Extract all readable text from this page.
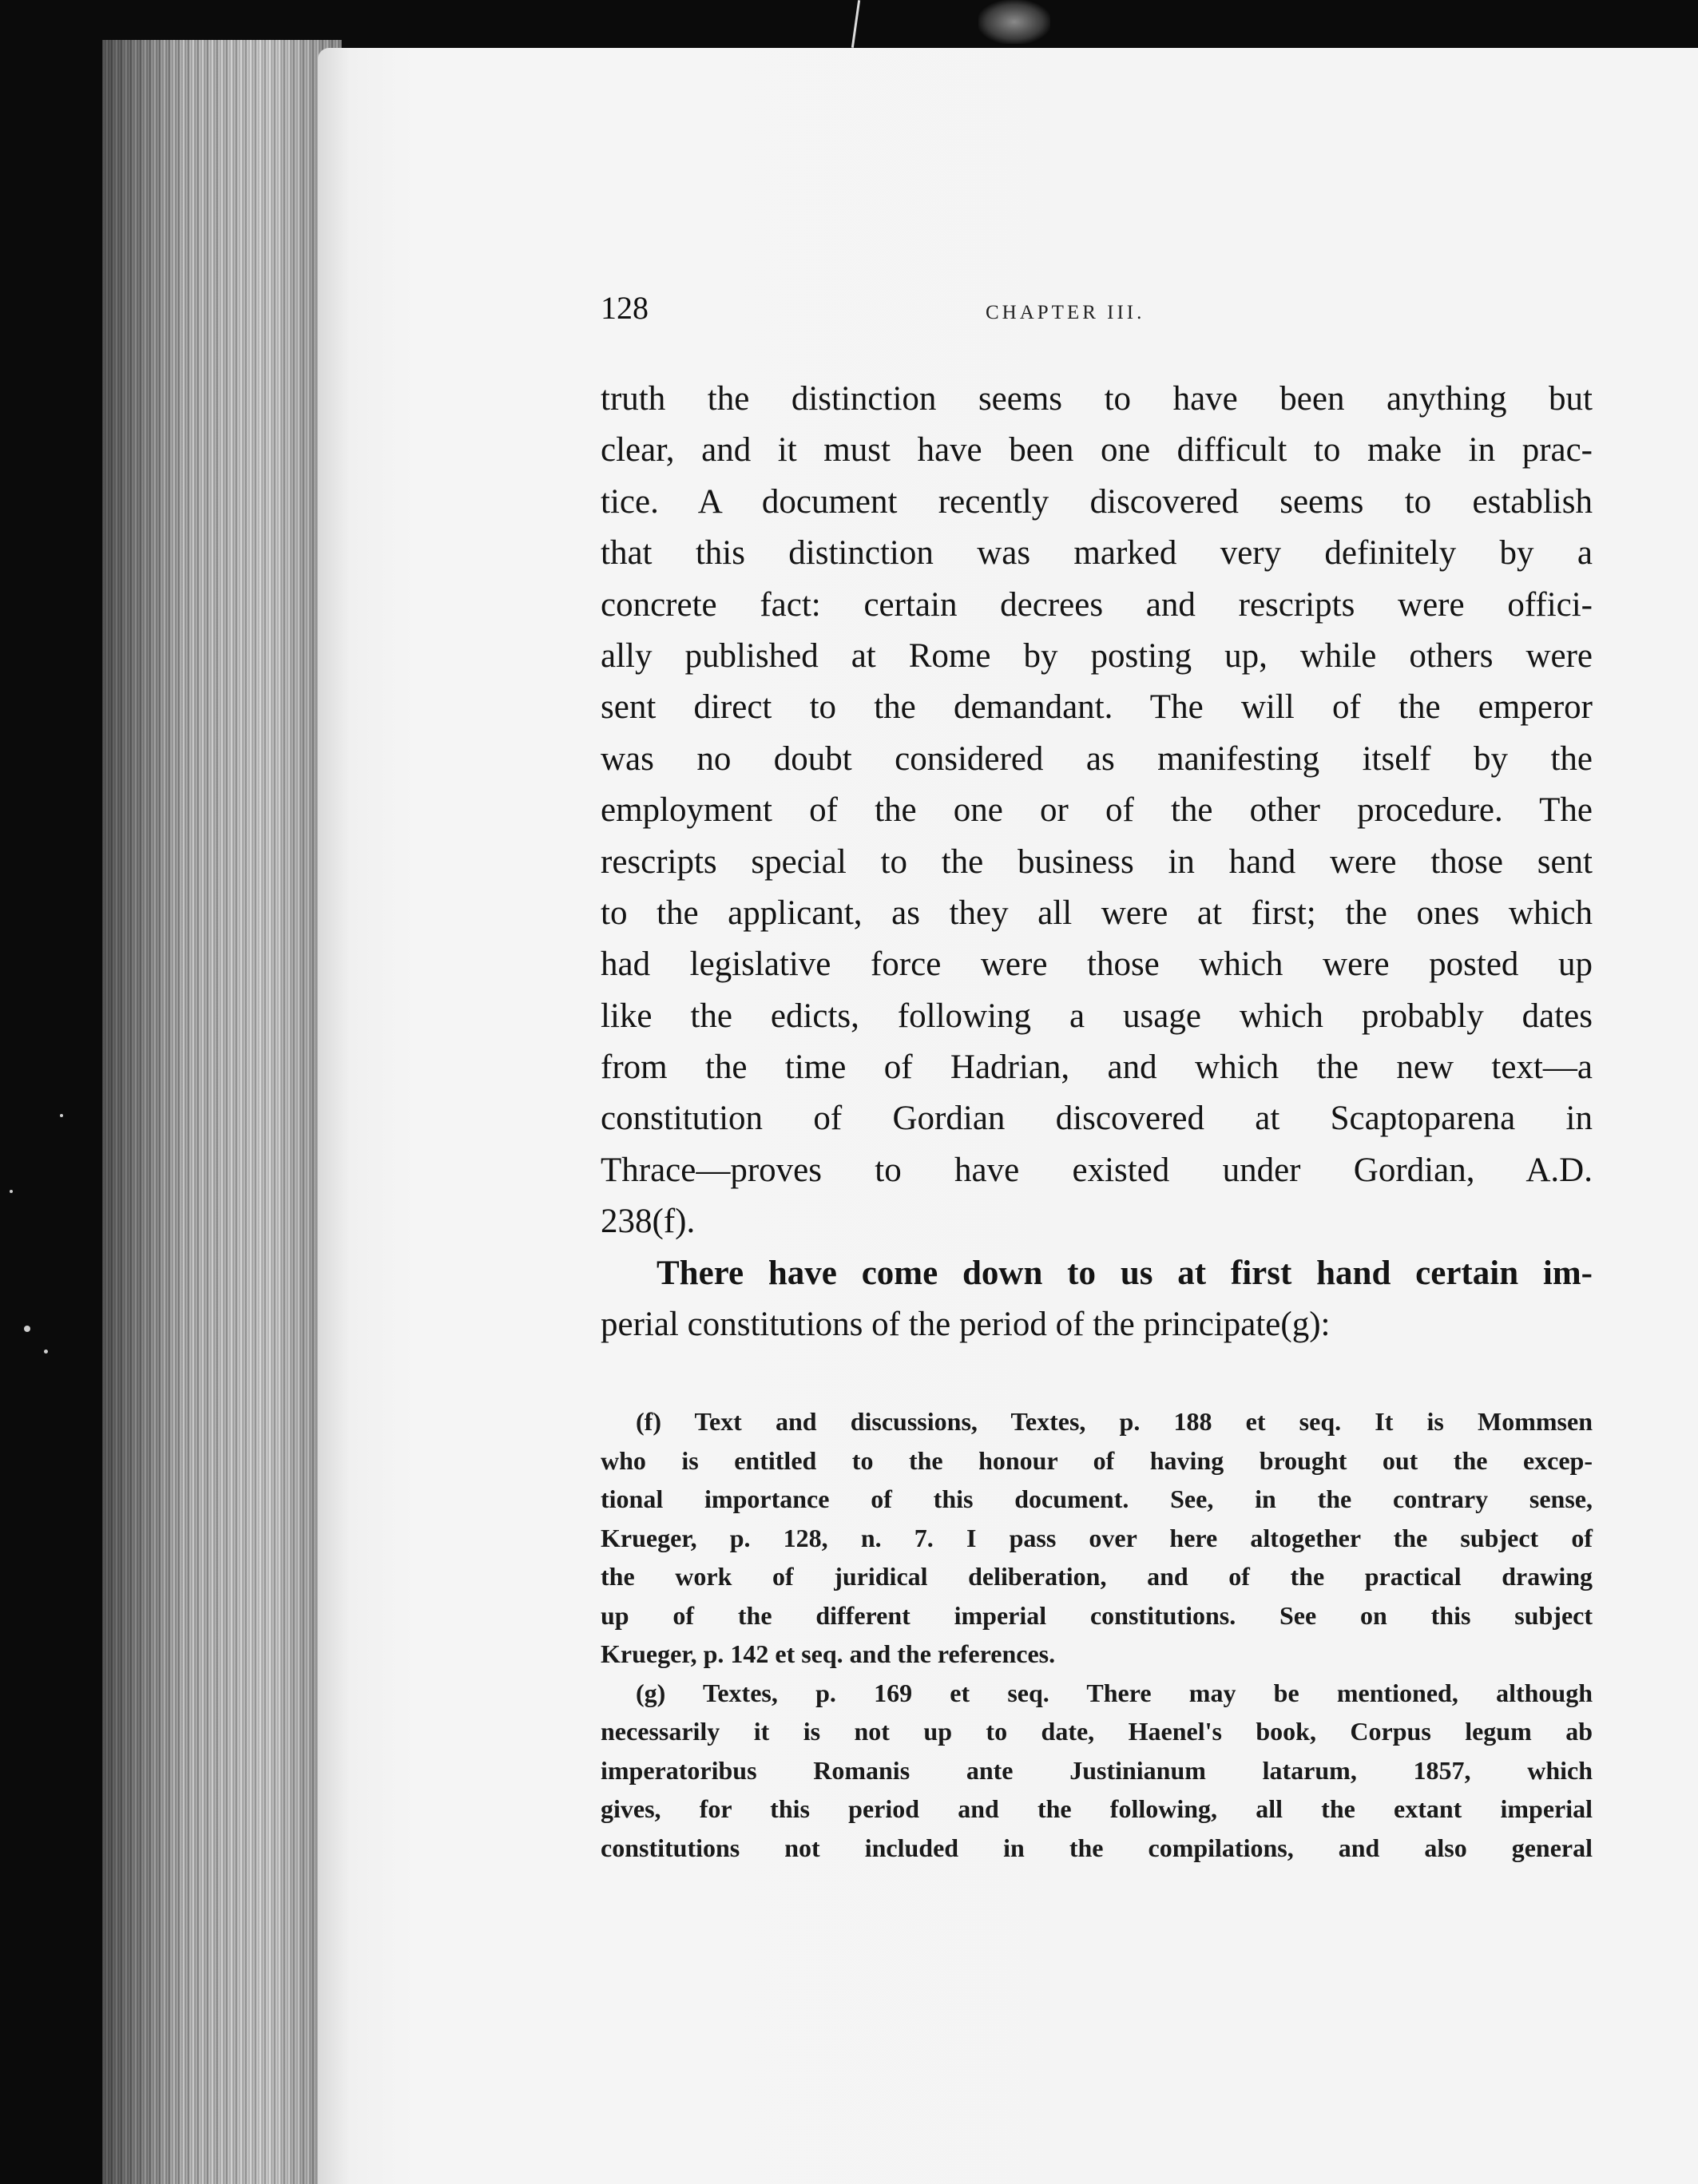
128	CHAPTER III.
truth the distinction seems to have been anything but
clear, and it must have been one difficult to make in prac-
tice. A document recently discovered seems to establish
that this distinction was marked very definitely by a
concrete fact: certain decrees and rescripts were offici-
ally published at Rome by posting up, while others were
sent direct to the demandant. The will of the emperor
was no doubt considered as manifesting itself by the
employment of the one or of the other procedure. The
rescripts special to the business in hand were those sent
to the applicant, as they all were at first; the ones which
had legislative force were those which were posted up
like the edicts, following a usage which probably dates
from the time of Hadrian, and which the new text—a
constitution of Gordian discovered at Scaptoparena in
Thrace—proves to have existed under Gordian, A.D.
238(f).
There have come down to us at first hand certain im-
perial constitutions of the period of the principate(g):
(f) Text and discussions, Textes, p. 188 et seq. It is Mommsen
who is entitled to the honour of having brought out the excep-
tional importance of this document. See, in the contrary sense,
Krueger, p. 128, n. 7. I pass over here altogether the subject of
the work of juridical deliberation, and of the practical drawing
up of the different imperial constitutions. See on this subject
Krueger, p. 142 et seq. and the references.
(g) Textes, p. 169 et seq. There may be mentioned, although
necessarily it is not up to date, Haenel's book, Corpus legum ab
imperatoribus Romanis ante Justinianum latarum, 1857, which
gives, for this period and the following, all the extant imperial
constitutions not included in the compilations, and also general
